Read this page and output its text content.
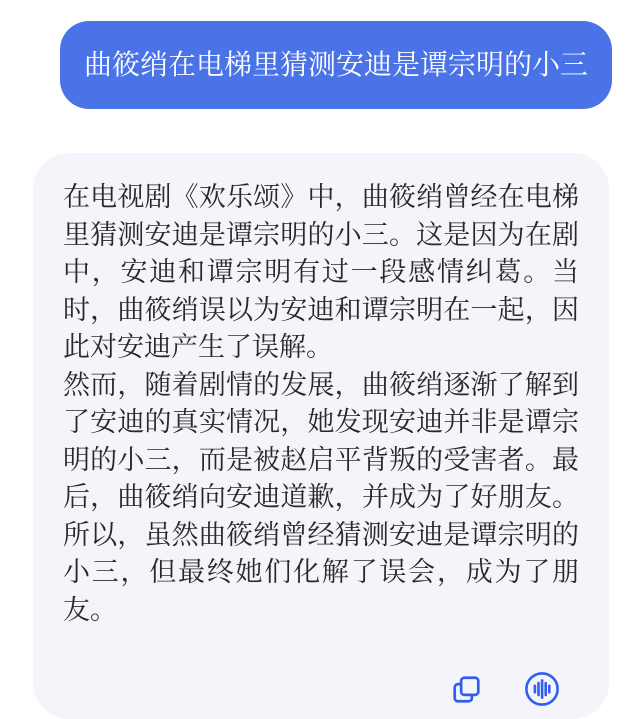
曲筱绡在电梯里猜测安迪是谭宗明的小三

在电视剧《欢乐颂》中，曲筱绡曾经在电梯里猜测安迪是谭宗明的小三。这是因为在剧中，安迪和谭宗明有过一段感情纠葛。当时，曲筱绡误以为安迪和谭宗明在一起，因此对安迪产生了误解。

然而，随着剧情的发展，曲筱绡逐渐了解到了安迪的真实情况，她发现安迪并非是谭宗明的小三，而是被赵启平背叛的受害者。最后，曲筱绡向安迪道歉，并成为了好朋友。所以，虽然曲筱绡曾经猜测安迪是谭宗明的小三，但最终她们化解了误会，成为了朋友。
